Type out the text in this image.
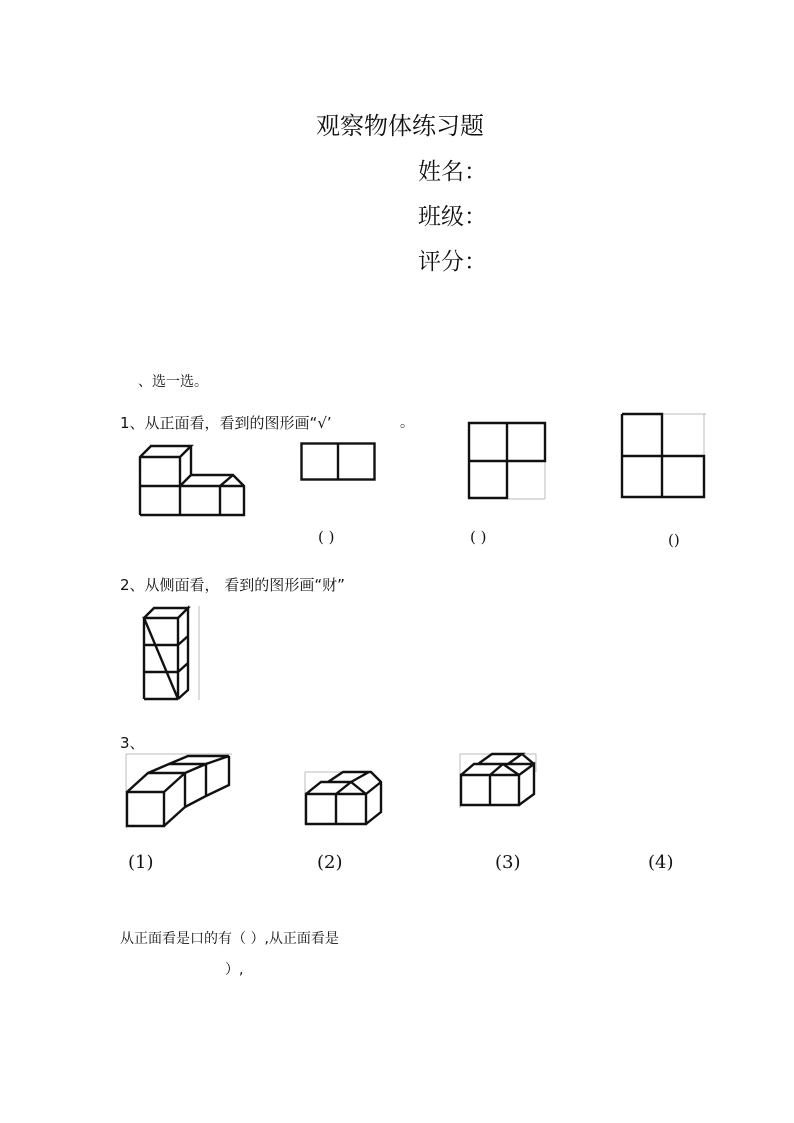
观察物体练习题
姓名：
班级：
评分：
、选一选。
1、从正面看，看到的图形画“√’	。
( )	( )	()
2、从侧面看， 看到的图形画“财”
3、
(1)	(2)	(3)	(4)
从正面看是口的有（ ）,从正面看是
）,
